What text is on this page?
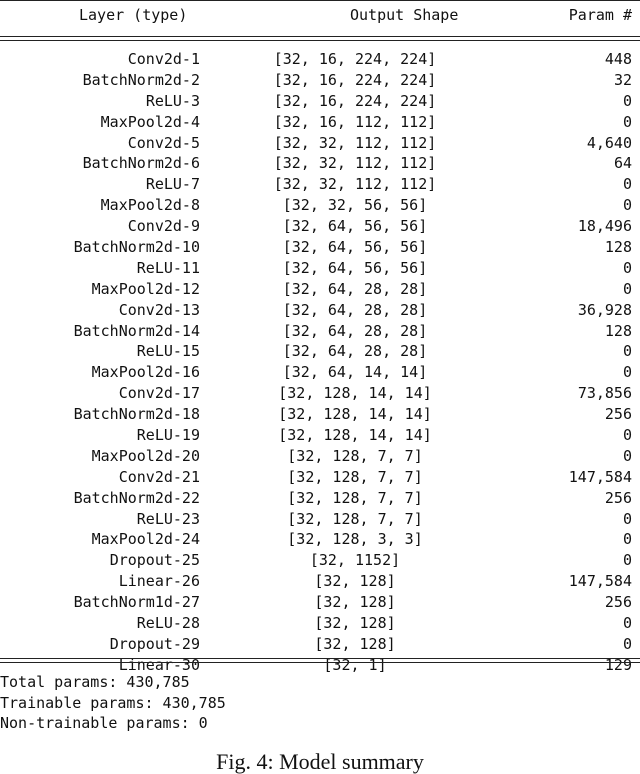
Layer (type)	Output Shape	Param #
Conv2d-1	[32, 16, 224, 224]	448
BatchNorm2d-2	[32, 16, 224, 224]	32
ReLU-3	[32, 16, 224, 224]	0
MaxPool2d-4	[32, 16, 112, 112]	0
Conv2d-5	[32, 32, 112, 112]	4,640
BatchNorm2d-6	[32, 32, 112, 112]	64
ReLU-7	[32, 32, 112, 112]	0
MaxPool2d-8	[32, 32, 56, 56]	0
Conv2d-9	[32, 64, 56, 56]	18,496
BatchNorm2d-10	[32, 64, 56, 56]	128
ReLU-11	[32, 64, 56, 56]	0
MaxPool2d-12	[32, 64, 28, 28]	0
Conv2d-13	[32, 64, 28, 28]	36,928
BatchNorm2d-14	[32, 64, 28, 28]	128
ReLU-15	[32, 64, 28, 28]	0
MaxPool2d-16	[32, 64, 14, 14]	0
Conv2d-17	[32, 128, 14, 14]	73,856
BatchNorm2d-18	[32, 128, 14, 14]	256
ReLU-19	[32, 128, 14, 14]	0
MaxPool2d-20	[32, 128, 7, 7]	0
Conv2d-21	[32, 128, 7, 7]	147,584
BatchNorm2d-22	[32, 128, 7, 7]	256
ReLU-23	[32, 128, 7, 7]	0
MaxPool2d-24	[32, 128, 3, 3]	0
Dropout-25	[32, 1152]	0
Linear-26	[32, 128]	147,584
BatchNorm1d-27	[32, 128]	256
ReLU-28	[32, 128]	0
Dropout-29	[32, 128]	0
Linear-30	[32, 1]	129
Total params: 430,785
Trainable params: 430,785
Non-trainable params: 0
Fig. 4: Model summary
